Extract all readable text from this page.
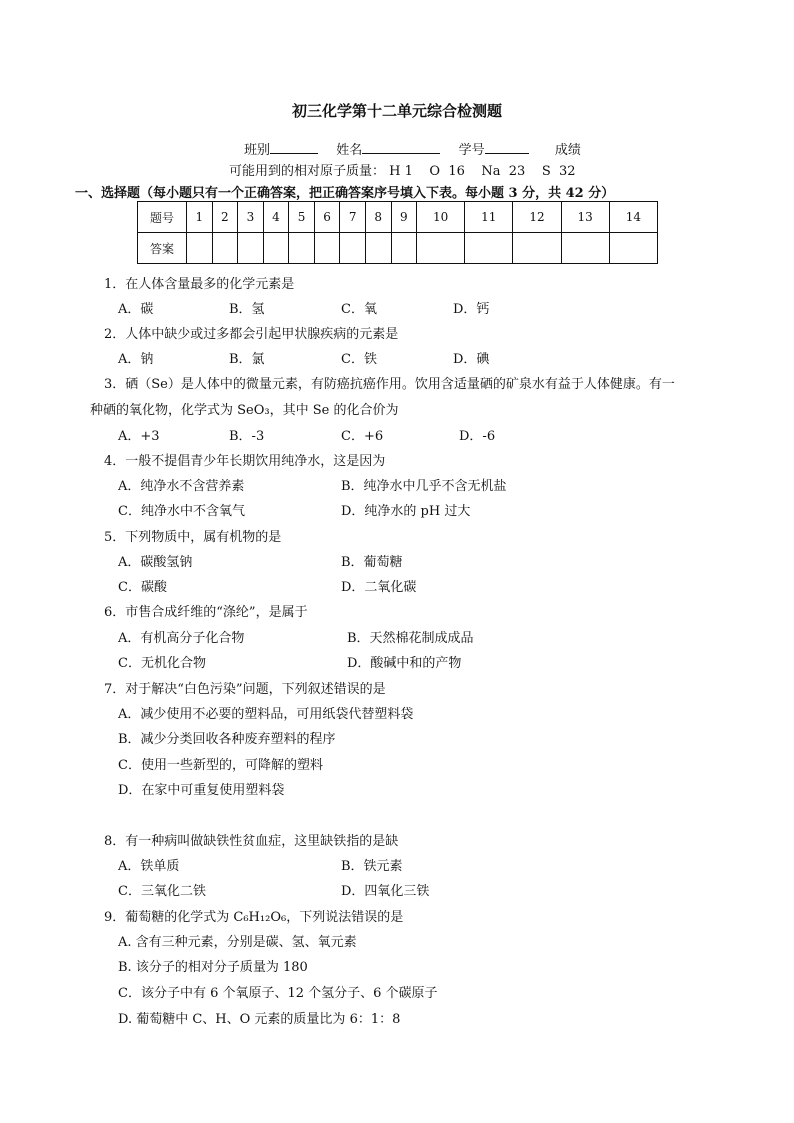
初三化学第十二单元综合检测题
班别	姓名	学号	成绩
可能用到的相对原子质量： H 1    O  16    Na  23    S  32
一、选择题（每小题只有一个正确答案，把正确答案序号填入下表。每小题 3 分，共 42 分）
题号	1	2	3	4	5	6	7	8	9	10	11	12	13	14
答案														
1．在人体含量最多的化学元素是
A．碳	B．氢	C．氧	D．钙
2．人体中缺少或过多都会引起甲状腺疾病的元素是
A．钠	B．氯	C．铁	D．碘
3．硒（Se）是人体中的微量元素，有防癌抗癌作用。饮用含适量硒的矿泉水有益于人体健康。有一
种硒的氧化物，化学式为 SeO₃，其中 Se 的化合价为
A．+3	B．-3	C．+6	D．-6
4．一般不提倡青少年长期饮用纯净水，这是因为
A．纯净水不含营养素	B．纯净水中几乎不含无机盐
C．纯净水中不含氧气	D．纯净水的 pH 过大
5．下列物质中，属有机物的是
A．碳酸氢钠	B．葡萄糖
C．碳酸	D．二氧化碳
6．市售合成纤维的“涤纶”，是属于
A．有机高分子化合物	B．天然棉花制成成品
C．无机化合物	D．酸碱中和的产物
7．对于解决“白色污染”问题，下列叙述错误的是
A．减少使用不必要的塑料品，可用纸袋代替塑料袋
B．减少分类回收各种废弃塑料的程序
C．使用一些新型的，可降解的塑料
D．在家中可重复使用塑料袋
8．有一种病叫做缺铁性贫血症，这里缺铁指的是缺
A．铁单质	B．铁元素
C．三氧化二铁	D．四氧化三铁
9．葡萄糖的化学式为 C₆H₁₂O₆，下列说法错误的是
A. 含有三种元素，分别是碳、氢、氧元素
B. 该分子的相对分子质量为 180
C．该分子中有 6 个氧原子、12 个氢分子、6 个碳原子
D. 葡萄糖中 C、H、O 元素的质量比为 6：1：8
